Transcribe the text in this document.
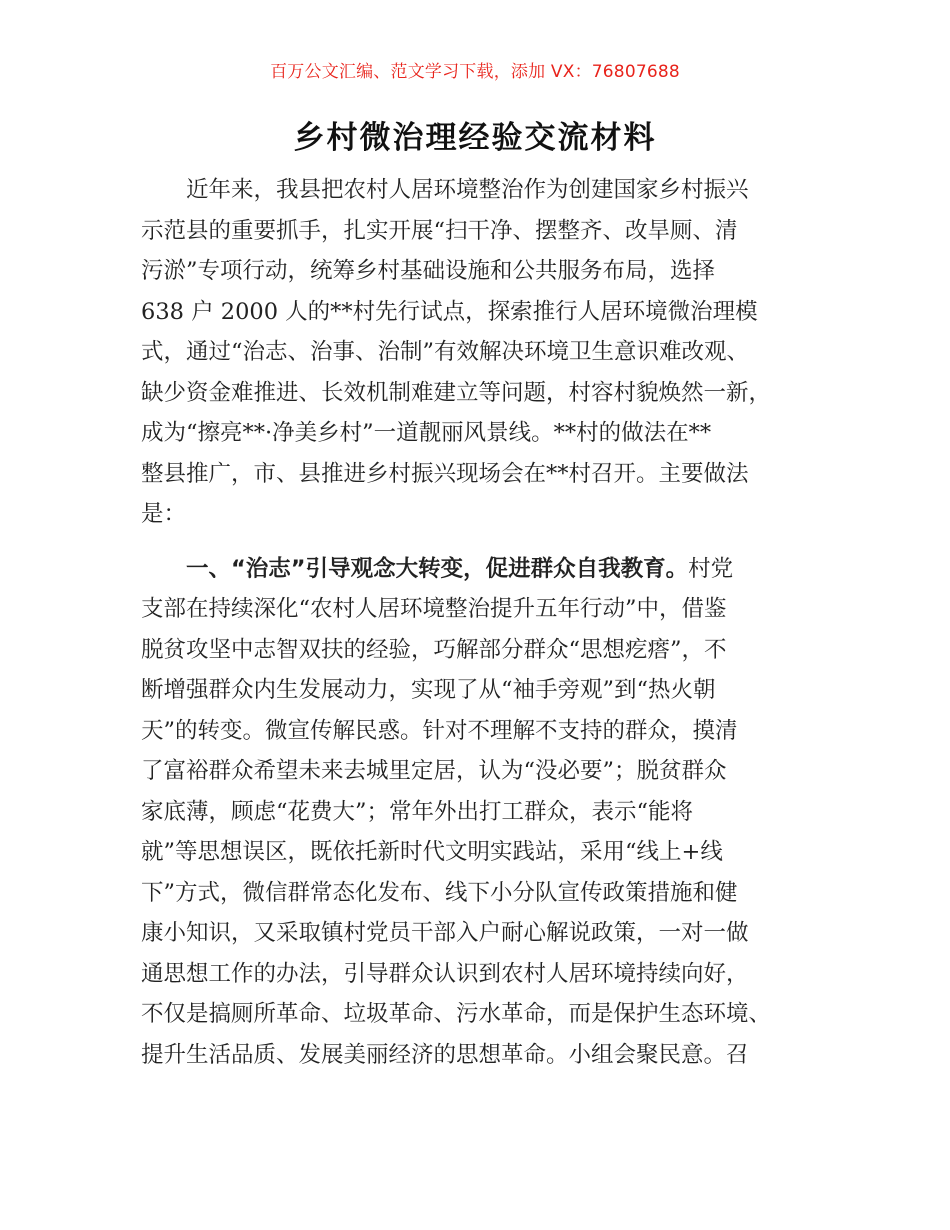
百万公文汇编、范文学习下载，添加 VX：76807688
乡村微治理经验交流材料
近年来，我县把农村人居环境整治作为创建国家乡村振兴
示范县的重要抓手，扎实开展“扫干净、摆整齐、改旱厕、清
污淤”专项行动，统筹乡村基础设施和公共服务布局，选择
638 户 2000 人的**村先行试点，探索推行人居环境微治理模
式，通过“治志、治事、治制”有效解决环境卫生意识难改观、
缺少资金难推进、长效机制难建立等问题，村容村貌焕然一新，
成为“擦亮**·净美乡村”一道靓丽风景线。**村的做法在**
整县推广，市、县推进乡村振兴现场会在**村召开。主要做法
是：
一、“治志”引导观念大转变，促进群众自我教育。村党
支部在持续深化“农村人居环境整治提升五年行动”中，借鉴
脱贫攻坚中志智双扶的经验，巧解部分群众“思想疙瘩”，不
断增强群众内生发展动力，实现了从“袖手旁观”到“热火朝
天”的转变。微宣传解民惑。针对不理解不支持的群众，摸清
了富裕群众希望未来去城里定居，认为“没必要”；脱贫群众
家底薄，顾虑“花费大”；常年外出打工群众，表示“能将
就”等思想误区，既依托新时代文明实践站，采用“线上+线
下”方式，微信群常态化发布、线下小分队宣传政策措施和健
康小知识，又采取镇村党员干部入户耐心解说政策，一对一做
通思想工作的办法，引导群众认识到农村人居环境持续向好，
不仅是搞厕所革命、垃圾革命、污水革命，而是保护生态环境、
提升生活品质、发展美丽经济的思想革命。小组会聚民意。召
